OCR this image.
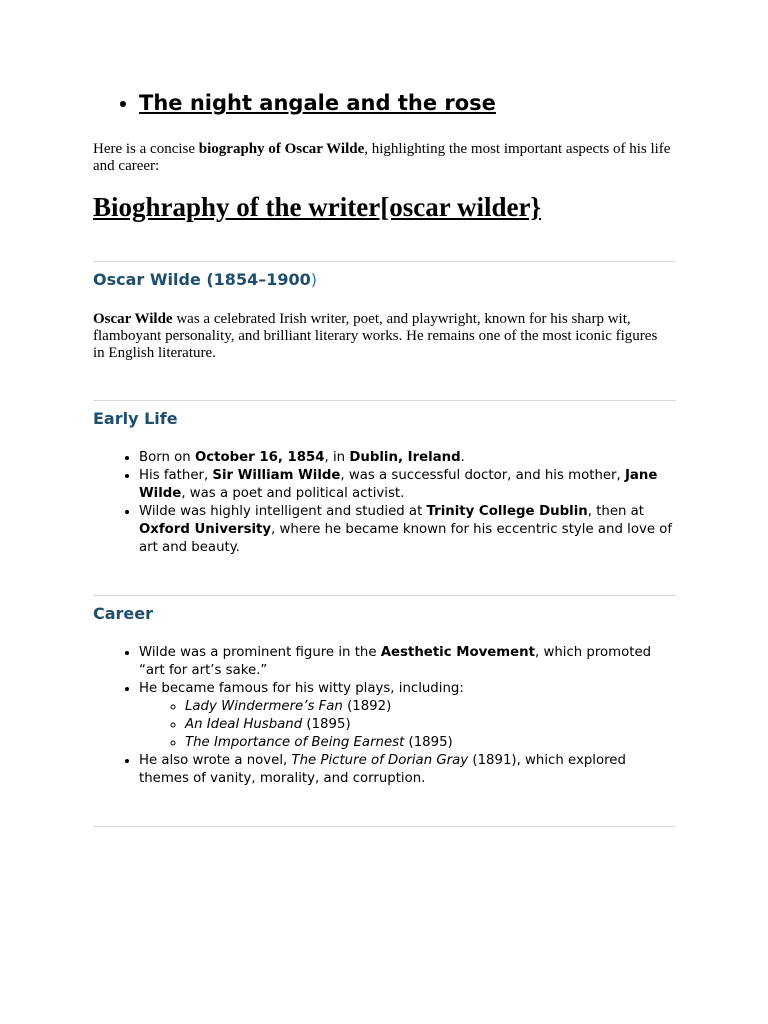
• The night angale and the rose

Here is a concise biography of Oscar Wilde, highlighting the most important aspects of his life and career:

Bioghraphy of the writer[oscar wilder}
Oscar Wilde (1854–1900)

Oscar Wilde was a celebrated Irish writer, poet, and playwright, known for his sharp wit, flamboyant personality, and brilliant literary works. He remains one of the most iconic figures in English literature.

Early Life
• Born on October 16, 1854, in Dublin, Ireland.
• His father, Sir William Wilde, was a successful doctor, and his mother, Jane Wilde, was a poet and political activist.
• Wilde was highly intelligent and studied at Trinity College Dublin, then at Oxford University, where he became known for his eccentric style and love of art and beauty.
Career
• Wilde was a prominent figure in the Aesthetic Movement, which promoted “art for art’s sake.”
• He became famous for his witty plays, including:
◦ Lady Windermere’s Fan (1892)
◦ An Ideal Husband (1895)
◦ The Importance of Being Earnest (1895)
• He also wrote a novel, The Picture of Dorian Gray (1891), which explored themes of vanity, morality, and corruption.
